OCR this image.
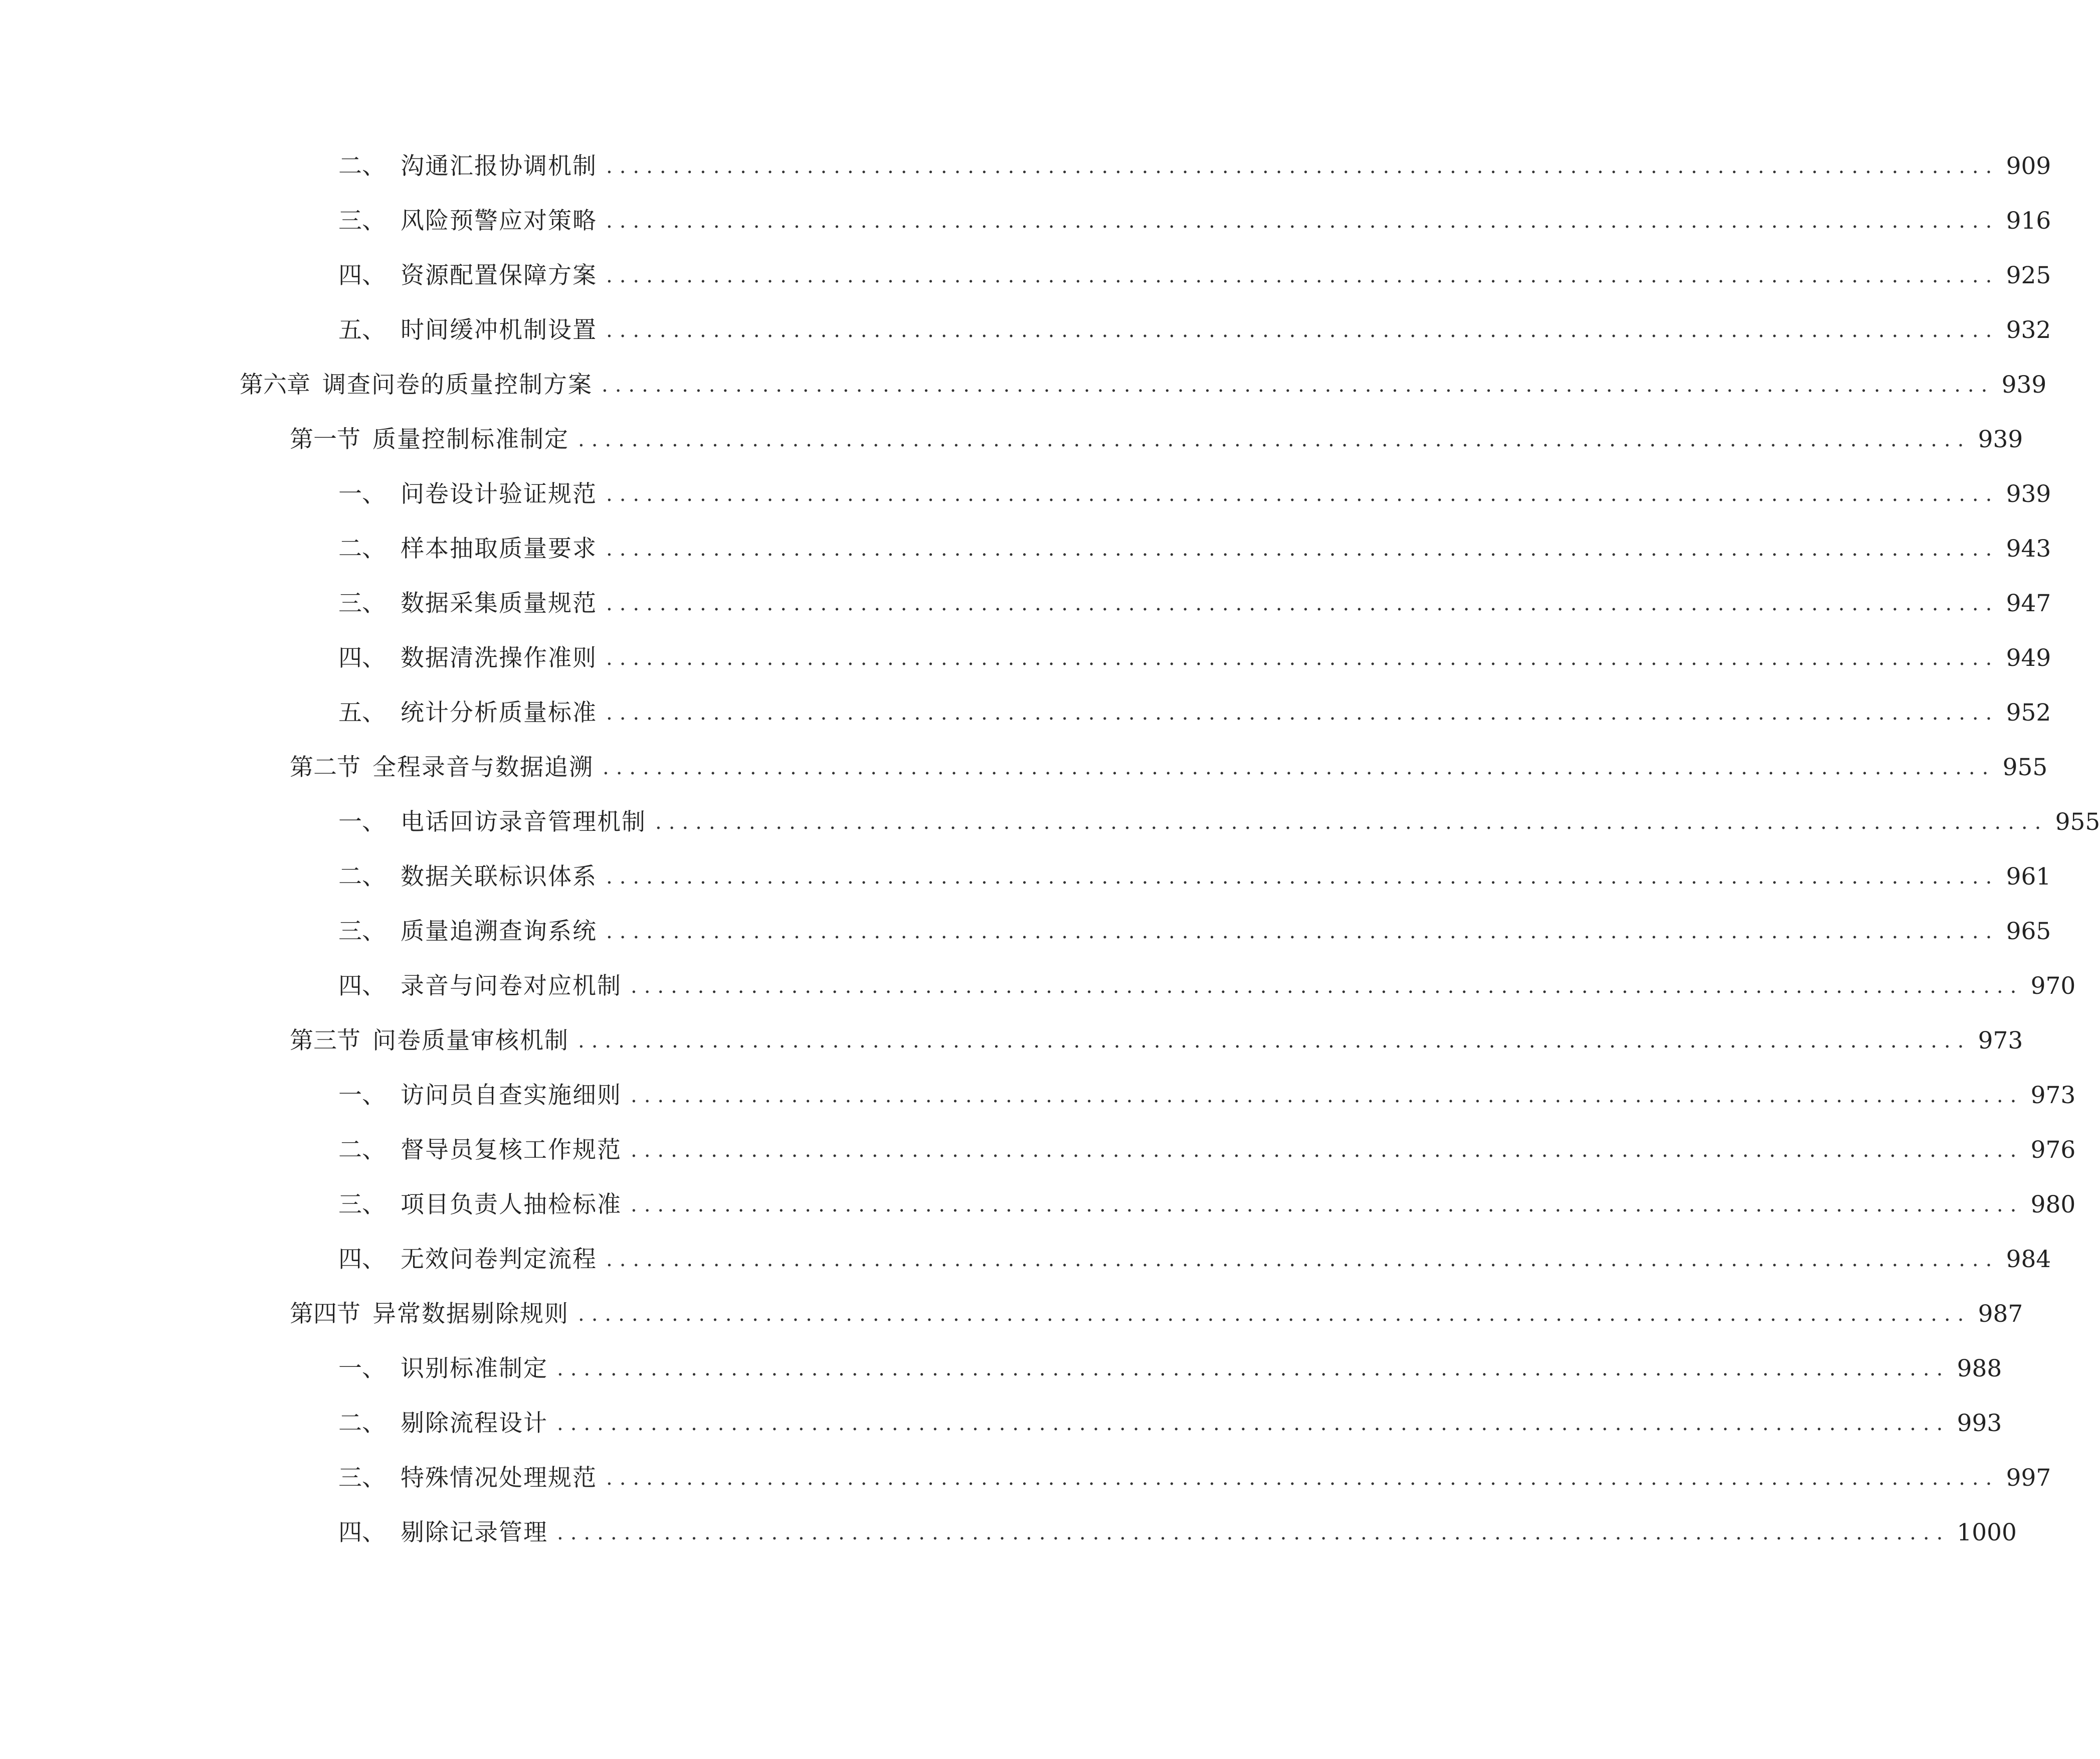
二、 沟通汇报协调机制 ........................................................................................................ 909
三、 风险预警应对策略 ........................................................................................................ 916
四、 资源配置保障方案 ........................................................................................................ 925
五、 时间缓冲机制设置 ........................................................................................................ 932
第六章 调查问卷的质量控制方案 ........................................................................................................ 939
第一节 质量控制标准制定 ........................................................................................................ 939
一、 问卷设计验证规范 ........................................................................................................ 939
二、 样本抽取质量要求 ........................................................................................................ 943
三、 数据采集质量规范 ........................................................................................................ 947
四、 数据清洗操作准则 ........................................................................................................ 949
五、 统计分析质量标准 ........................................................................................................ 952
第二节 全程录音与数据追溯 ........................................................................................................ 955
一、 电话回访录音管理机制 ........................................................................................................ 955
二、 数据关联标识体系 ........................................................................................................ 961
三、 质量追溯查询系统 ........................................................................................................ 965
四、 录音与问卷对应机制 ........................................................................................................ 970
第三节 问卷质量审核机制 ........................................................................................................ 973
一、 访问员自查实施细则 ........................................................................................................ 973
二、 督导员复核工作规范 ........................................................................................................ 976
三、 项目负责人抽检标准 ........................................................................................................ 980
四、 无效问卷判定流程 ........................................................................................................ 984
第四节 异常数据剔除规则 ........................................................................................................ 987
一、 识别标准制定 ........................................................................................................ 988
二、 剔除流程设计 ........................................................................................................ 993
三、 特殊情况处理规范 ........................................................................................................ 997
四、 剔除记录管理 ........................................................................................................ 1000
